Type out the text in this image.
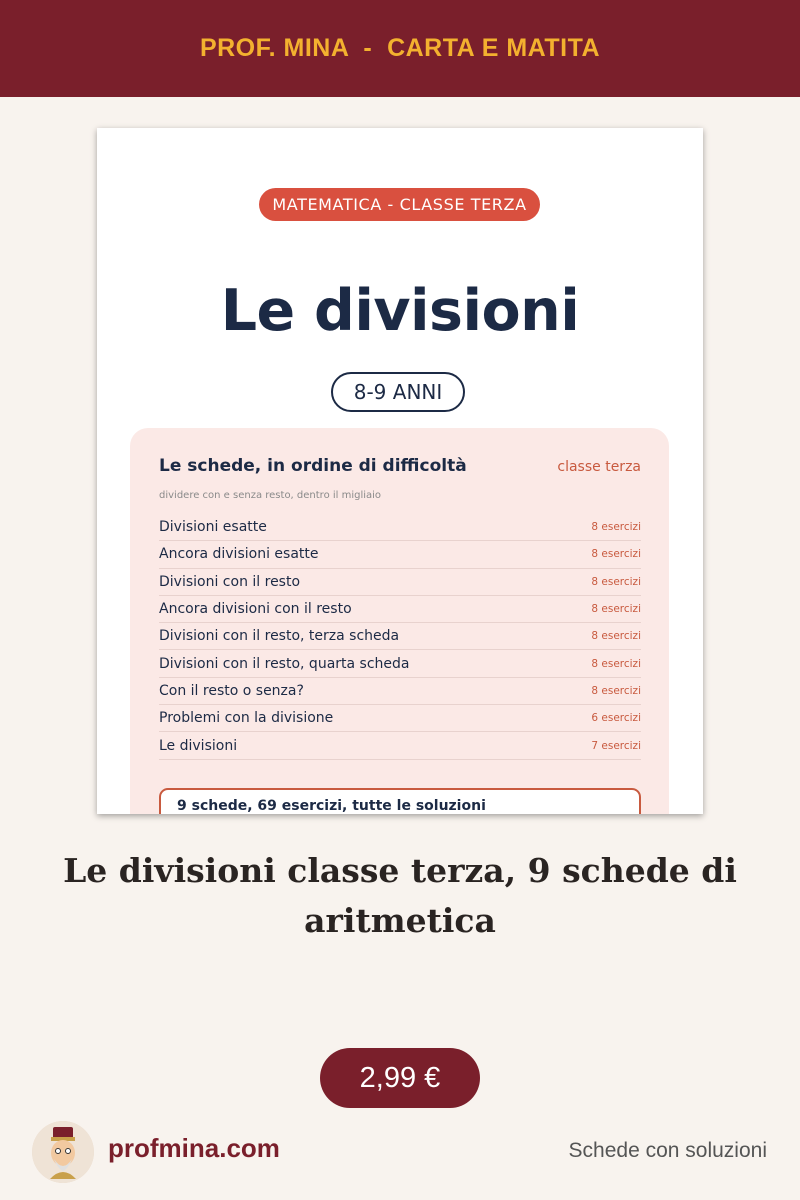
PROF. MINA  -  CARTA E MATITA
MATEMATICA - CLASSE TERZA
Le divisioni
8-9 ANNI
Le schede, in ordine di difficoltà	classe terza
dividere con e senza resto, dentro il migliaio
Divisioni esatte	8 esercizi
Ancora divisioni esatte	8 esercizi
Divisioni con il resto	8 esercizi
Ancora divisioni con il resto	8 esercizi
Divisioni con il resto, terza scheda	8 esercizi
Divisioni con il resto, quarta scheda	8 esercizi
Con il resto o senza?	8 esercizi
Problemi con la divisione	6 esercizi
Le divisioni	7 esercizi
9 schede, 69 esercizi, tutte le soluzioni
Le divisioni classe terza, 9 schede di aritmetica
2,99 €
profmina.com	Schede con soluzioni
